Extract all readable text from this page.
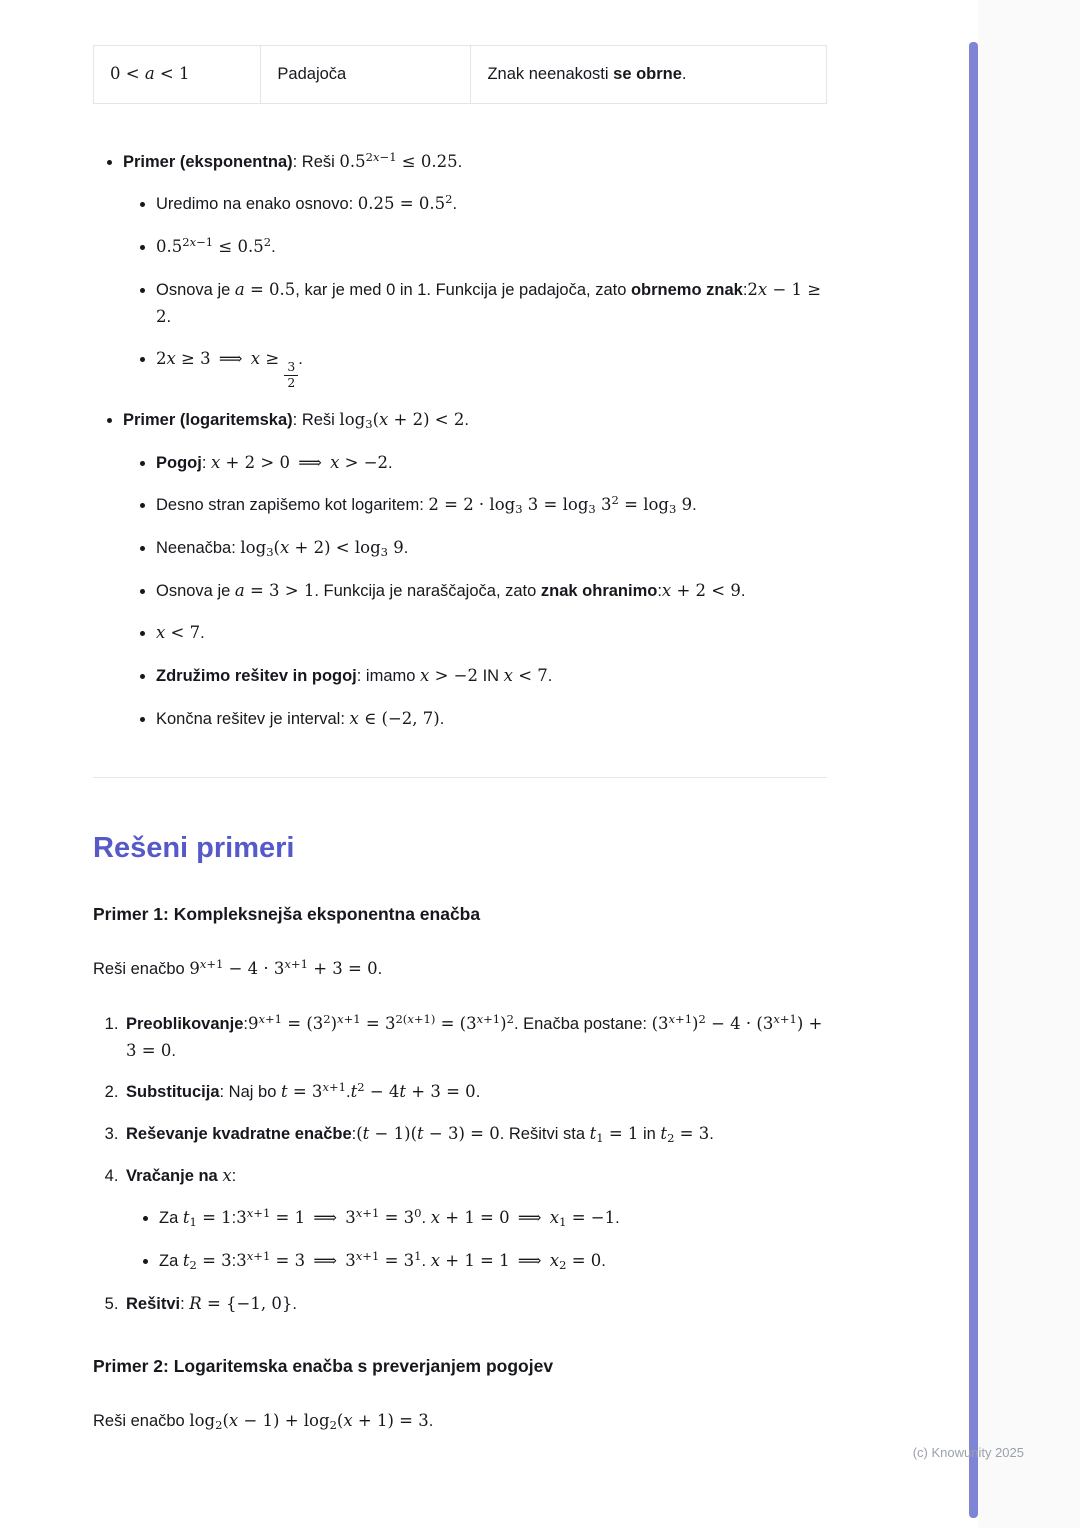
0 < a < 1	Padajoča	Znak neenakosti se obrne.
• Primer (eksponentna): Reši $0.5^{2x-1} \le 0.25$.
• Uredimo na enako osnovo: $0.25 = 0.5^2$.
• $0.5^{2x-1} \le 0.5^2$.
• Osnova je a = 0.5, kar je med 0 in 1. Funkcija je padajoča, zato obrnemo znak:2x − 1 ≥ 2.
• 2x ≥ 3 ⟹ x ≥
$\frac{3}{2}$
.
• Primer (logaritemska): Reši $\log_3(x + 2) < 2$.
• Pogoj: x + 2 > 0 ⟹ x > −2.
• Desno stran zapišemo kot logaritem: $2 = 2 \cdot \log_3 3 = \log_3 3^2 = \log_3 9$.
• Neenačba: $\log_3(x + 2) < \log_3 9$.
• Osnova je a = 3 > 1. Funkcija je naraščajoča, zato znak ohranimo:x + 2 < 9.
• x < 7.
• Združimo rešitev in pogoj: imamo x > −2 IN x < 7.
• Končna rešitev je interval: x ∈ (−2, 7).
Rešeni primeri
Primer 1: Kompleksnejša eksponentna enačba

Reši enačbo $9^{x+1} - 4 \cdot 3^{x+1} + 3 = 0$.

1. $Preoblikovanje:9^{x+1} = (3^2)^{x+1} = 3^{2(x+1)} = (3^{x+1})^2$. Enačba postane: $(3^{x+1})^2 - 4 \cdot (3^{x+1}) + 3 = 0$.
2. Substitucija: Naj bo $t = 3^{x+1}.t^2 - 4t + 3 = 0$.
3. Reševanje kvadratne enačbe:(t − 1)(t − 3) = 0. Rešitvi sta $t_1 = 1$ in $t_2 = 3$.
4. Vračanje na x:
• Za $t_1$ = $1:3^{x+1} = 1$ ⟹ $3^{x+1} = 3^0$. x + 1 = 0 ⟹ $x_1 = -1$.
• Za $t_2$ = $3:3^{x+1} = 3$ ⟹ $3^{x+1} = 3^1$. x + 1 = 1 ⟹ $x_2 = 0$.
5. Rešitvi: R = {−1, 0}.
Primer 2: Logaritemska enačba s preverjanjem pogojev

Reši enačbo $\log_2(x - 1) + \log_2(x + 1) = 3$.

(c) Knowunity 2025
